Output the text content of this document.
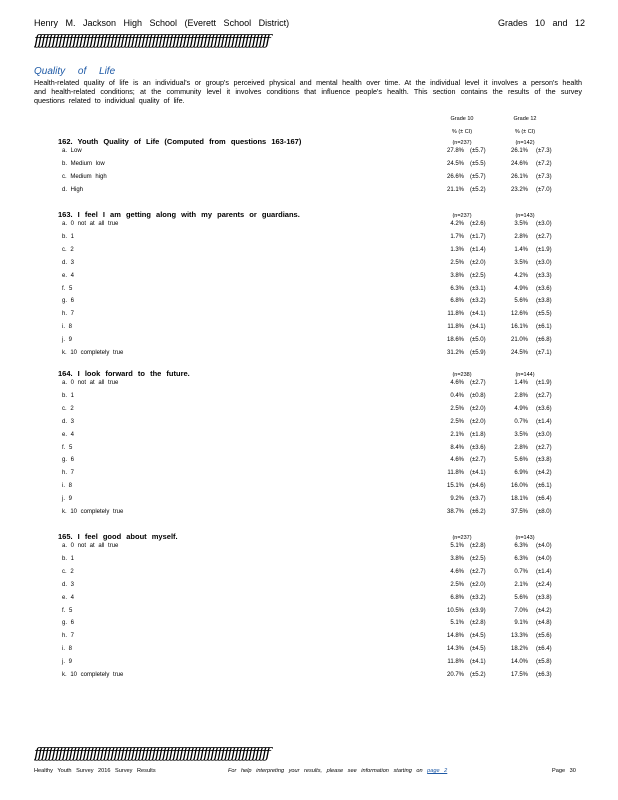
Henry M. Jackson High School (Everett School District)	Grades 10 and 12
ƒƒƒƒƒƒƒƒƒƒƒƒƒƒƒƒƒƒƒƒƒƒƒƒƒƒƒƒƒƒƒƒƒƒƒƒƒƒƒƒƒƒƒƒƒƒƒƒƒƒƒƒƒƒƒƒƒƒƒƒƒƒƒƒƒƒƒƒ
Quality of Life
Health-related quality of life is an individual's or group's perceived physical and mental health over time. At the individual level it involves a person's health and health-related conditions; at the community level it involves conditions that influence people's health. This section contains the results of the survey questions related to individual quality of life.
Grade 10	Grade 12
% (± CI)	% (± CI)
162. Youth Quality of Life (Computed from questions 163-167)	(n=237)	(n=142)
a. Low	27.8% (±5.7)	26.1% (±7.3)
b. Medium low	24.5% (±5.5)	24.6% (±7.2)
c. Medium high	26.6% (±5.7)	26.1% (±7.3)
d. High	21.1% (±5.2)	23.2% (±7.0)
163. I feel I am getting along with my parents or guardians.	(n=237)	(n=143)
a. 0 not at all true	4.2% (±2.6)	3.5% (±3.0)
b. 1	1.7% (±1.7)	2.8% (±2.7)
c. 2	1.3% (±1.4)	1.4% (±1.9)
d. 3	2.5% (±2.0)	3.5% (±3.0)
e. 4	3.8% (±2.5)	4.2% (±3.3)
f. 5	6.3% (±3.1)	4.9% (±3.6)
g. 6	6.8% (±3.2)	5.6% (±3.8)
h. 7	11.8% (±4.1)	12.6% (±5.5)
i. 8	11.8% (±4.1)	16.1% (±6.1)
j. 9	18.6% (±5.0)	21.0% (±6.8)
k. 10 completely true	31.2% (±5.9)	24.5% (±7.1)
164. I look forward to the future.	(n=238)	(n=144)
a. 0 not at all true	4.6% (±2.7)	1.4% (±1.9)
b. 1	0.4% (±0.8)	2.8% (±2.7)
c. 2	2.5% (±2.0)	4.9% (±3.6)
d. 3	2.5% (±2.0)	0.7% (±1.4)
e. 4	2.1% (±1.8)	3.5% (±3.0)
f. 5	8.4% (±3.6)	2.8% (±2.7)
g. 6	4.6% (±2.7)	5.6% (±3.8)
h. 7	11.8% (±4.1)	6.9% (±4.2)
i. 8	15.1% (±4.6)	16.0% (±6.1)
j. 9	9.2% (±3.7)	18.1% (±6.4)
k. 10 completely true	38.7% (±6.2)	37.5% (±8.0)
165. I feel good about myself.	(n=237)	(n=143)
a. 0 not at all true	5.1% (±2.8)	6.3% (±4.0)
b. 1	3.8% (±2.5)	6.3% (±4.0)
c. 2	4.6% (±2.7)	0.7% (±1.4)
d. 3	2.5% (±2.0)	2.1% (±2.4)
e. 4	6.8% (±3.2)	5.6% (±3.8)
f. 5	10.5% (±3.9)	7.0% (±4.2)
g. 6	5.1% (±2.8)	9.1% (±4.8)
h. 7	14.8% (±4.5)	13.3% (±5.6)
i. 8	14.3% (±4.5)	18.2% (±6.4)
j. 9	11.8% (±4.1)	14.0% (±5.8)
k. 10 completely true	20.7% (±5.2)	17.5% (±6.3)
ƒƒƒƒƒƒƒƒƒƒƒƒƒƒƒƒƒƒƒƒƒƒƒƒƒƒƒƒƒƒƒƒƒƒƒƒƒƒƒƒƒƒƒƒƒƒƒƒƒƒƒƒƒƒƒƒƒƒƒƒƒƒƒƒƒƒƒƒ
Healthy Youth Survey 2016 Survey Results	For help interpreting your results, please see information starting on page 2	Page 30
